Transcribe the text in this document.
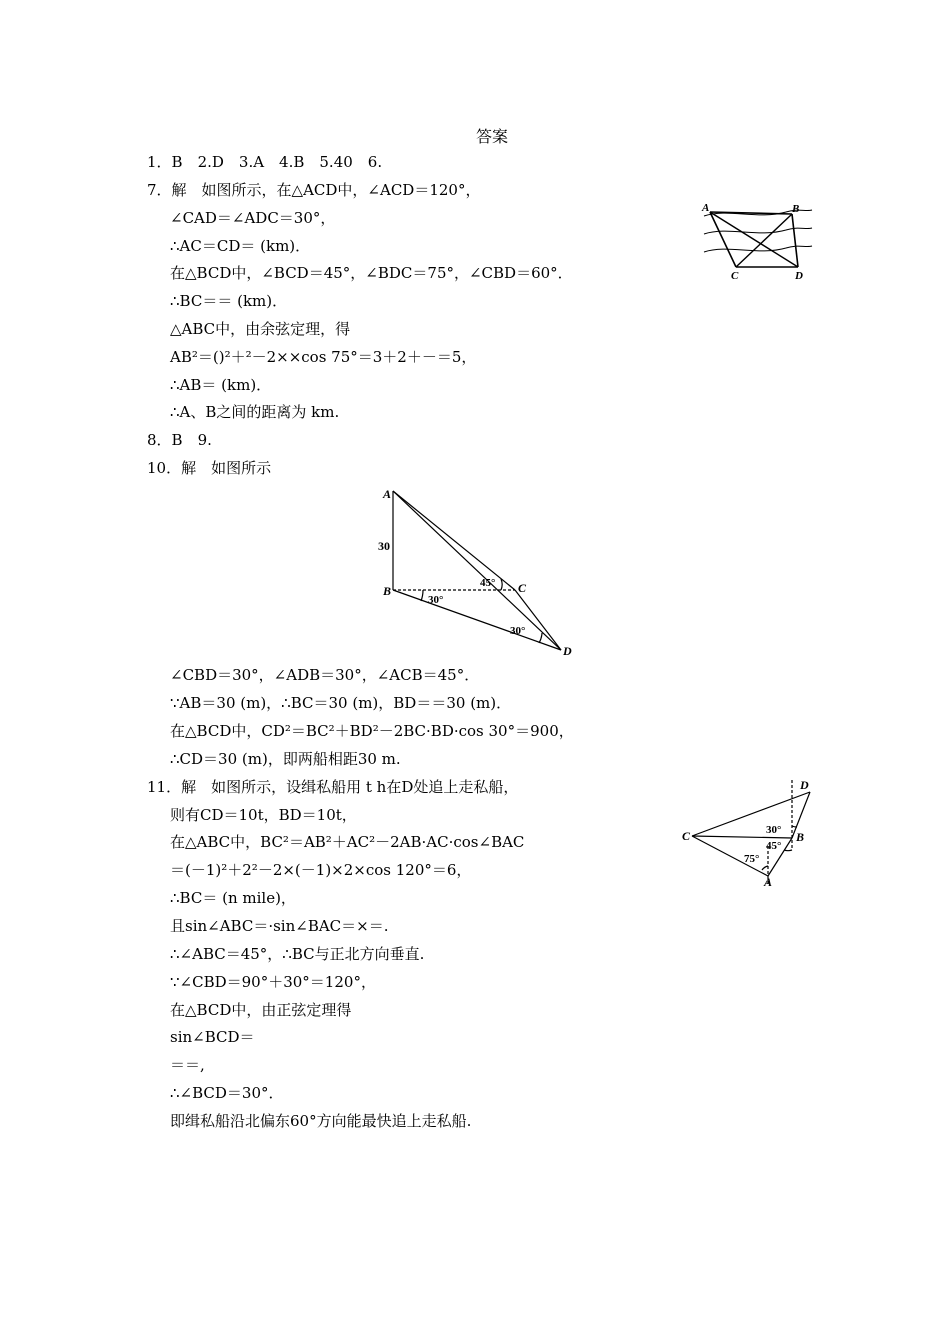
答案
1．B　2.D　3.A　4.B　5.40　6.
7．解　如图所示，在△ACD中，∠ACD＝120°，
∠CAD＝∠ADC＝30°，
∴AC＝CD＝ (km)．
在△BCD中，∠BCD＝45°，∠BDC＝75°，∠CBD＝60°．
∴BC＝＝ (km)．
△ABC中，由余弦定理，得
AB²＝()²＋²－2××cos 75°＝3＋2＋－＝5，
∴AB＝ (km)．
∴A、B之间的距离为 km.
8．B　9.
10．解　如图所示
∠CBD＝30°，∠ADB＝30°，∠ACB＝45°．
∵AB＝30 (m)，∴BC＝30 (m)，BD＝＝30 (m)．
在△BCD中，CD²＝BC²＋BD²－2BC·BD·cos 30°＝900，
∴CD＝30 (m)，即两船相距30 m.
11．解　如图所示，设缉私船用 t h在D处追上走私船，
则有CD＝10t，BD＝10t，
在△ABC中，BC²＝AB²＋AC²－2AB·AC·cos∠BAC
＝(－1)²＋2²－2×(－1)×2×cos 120°＝6，
∴BC＝ (n mile)，
且sin∠ABC＝·sin∠BAC＝×＝.
∴∠ABC＝45°，∴BC与正北方向垂直.
∵∠CBD＝90°＋30°＝120°，
在△BCD中，由正弦定理得
sin∠BCD＝
＝＝,
∴∠BCD＝30°．
即缉私船沿北偏东60°方向能最快追上走私船.
A	B
C	D
A
30
B	C
D
45°
30°
30°
C
D
B
A
30°
45°
75°
